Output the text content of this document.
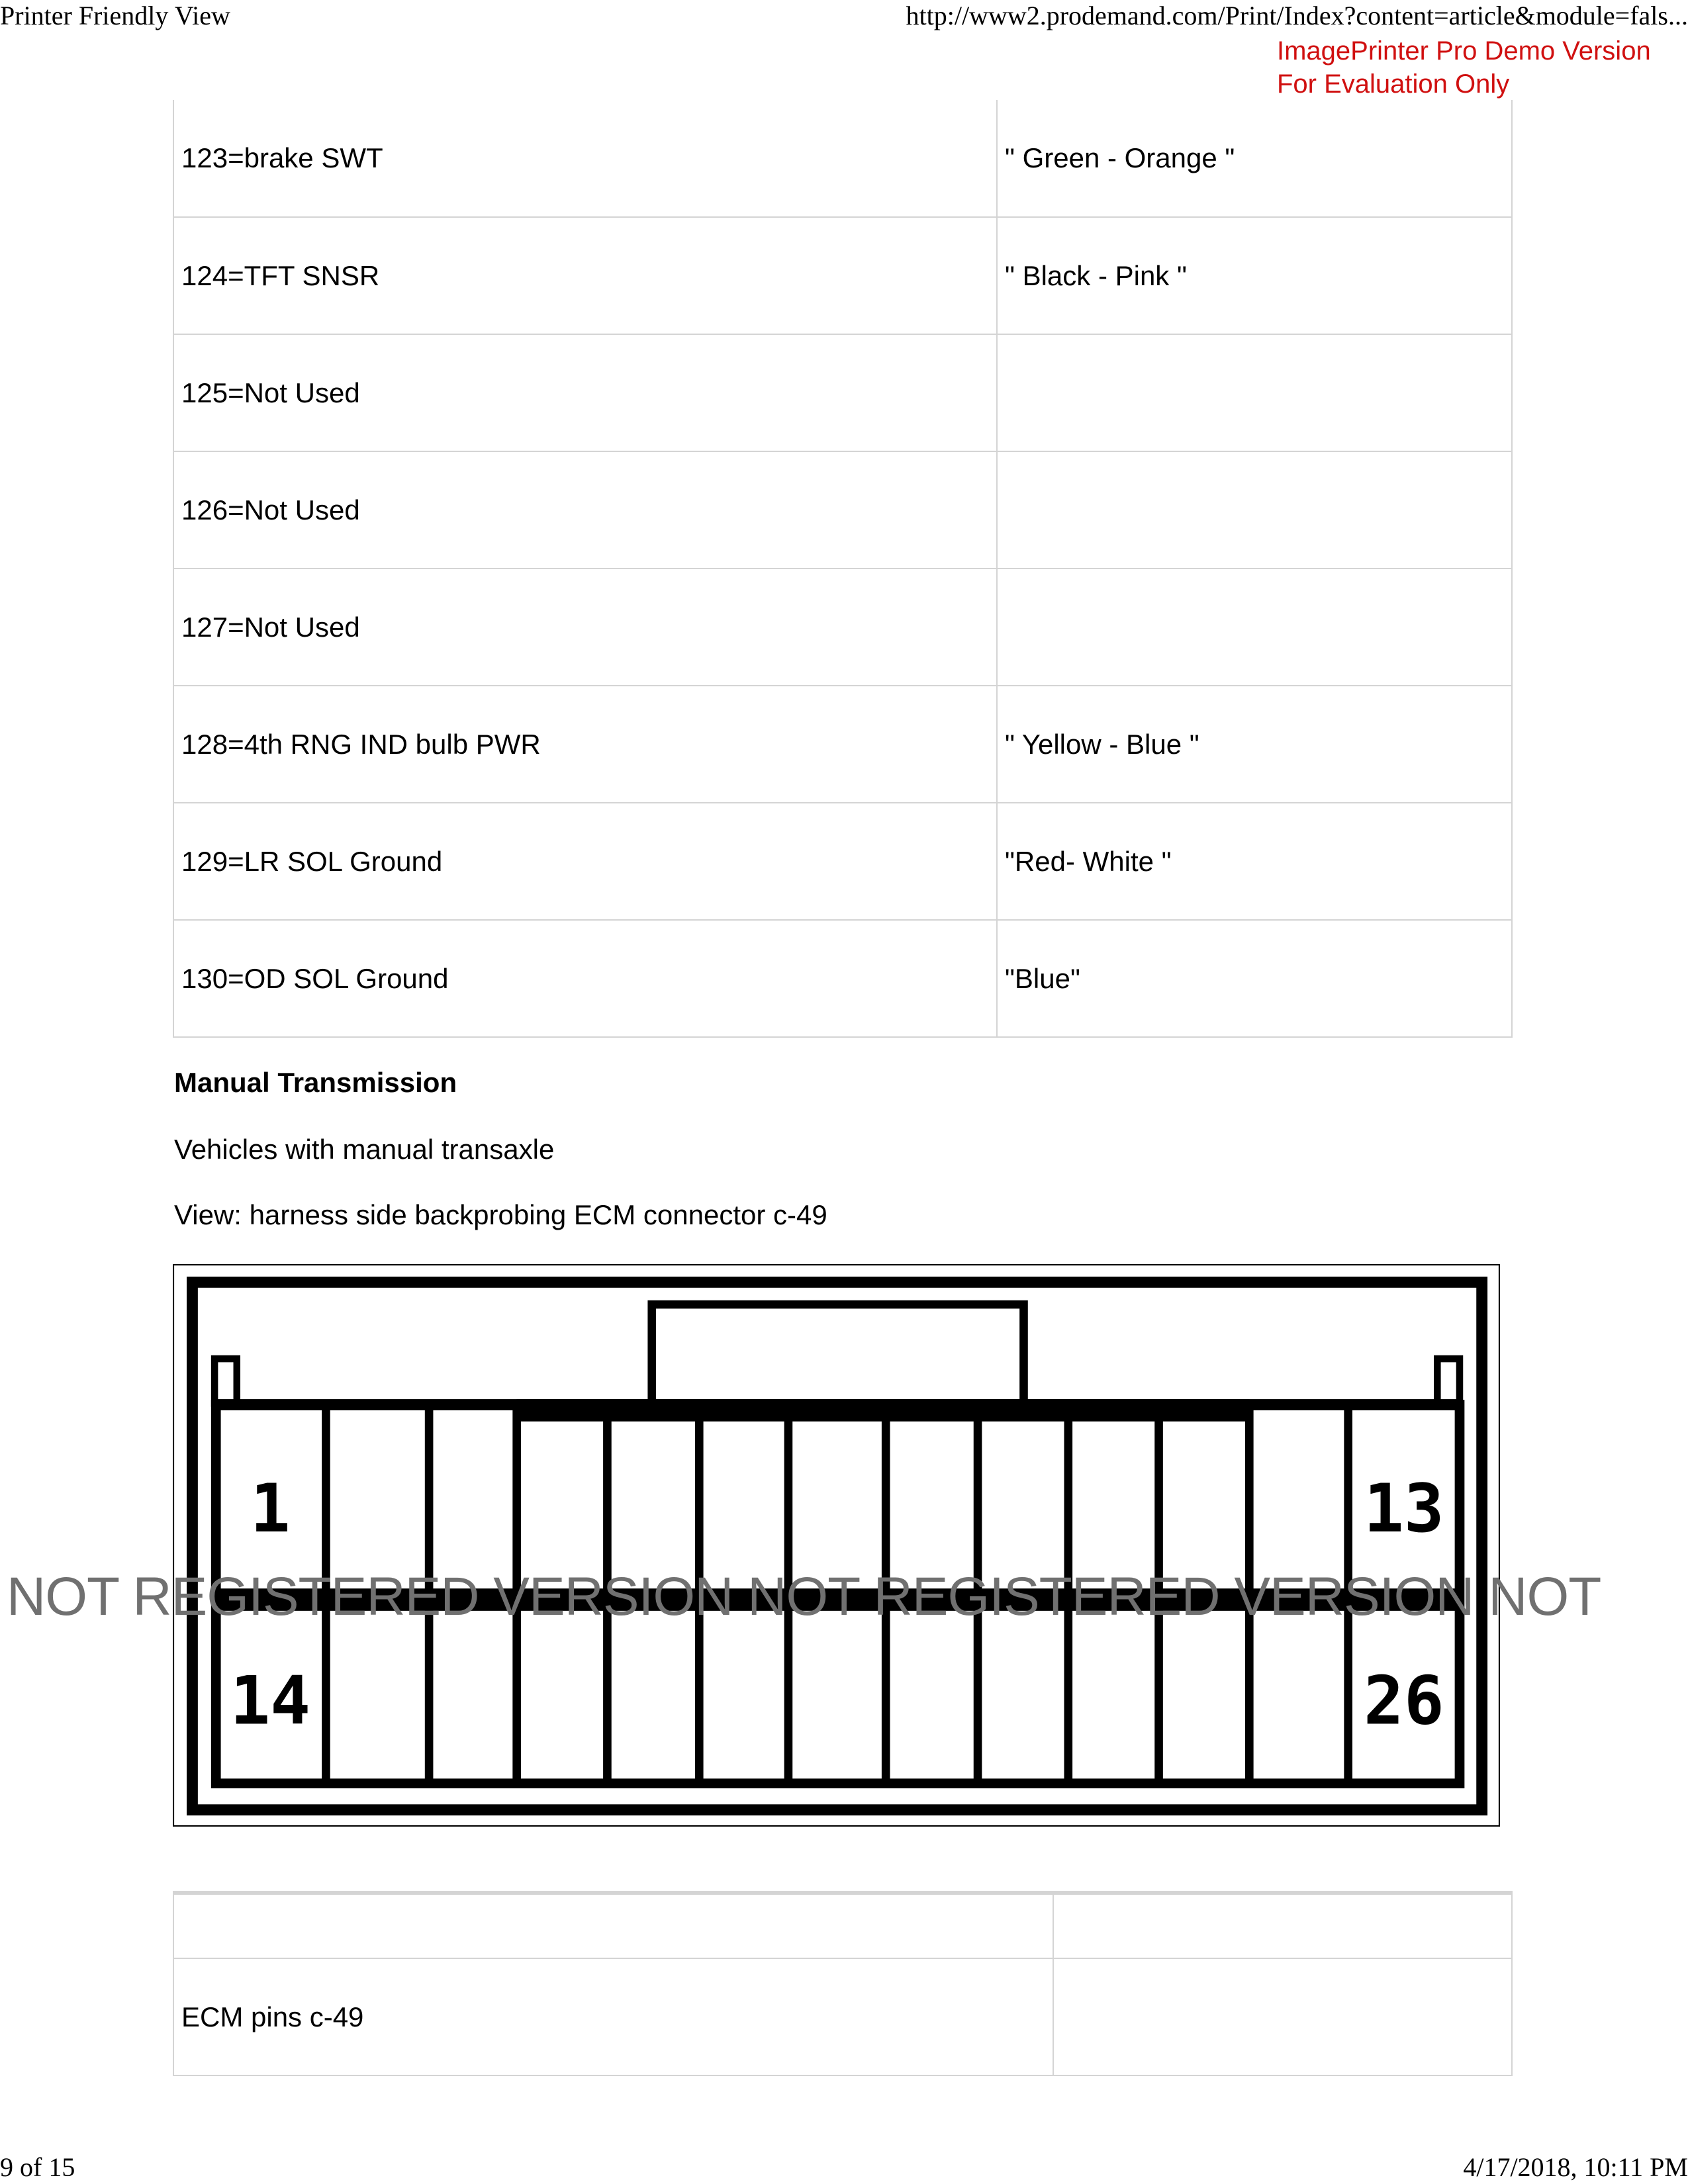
Printer Friendly View	http://www2.prodemand.com/Print/Index?content=article&module=fals...
ImagePrinter Pro Demo Version
For Evaluation Only
123=brake SWT	" Green - Orange "
124=TFT SNSR	" Black - Pink "
125=Not Used	
126=Not Used	
127=Not Used	
128=4th RNG IND bulb PWR	" Yellow - Blue "
129=LR SOL Ground	"Red- White "
130=OD SOL Ground	"Blue"
Manual Transmission
Vehicles with manual transaxle
View: harness side backprobing ECM connector c-49
1	13
14	26
NOT REGISTERED VERSION NOT REGISTERED VERSION NOT

ECM pins c-49	
9 of 15	4/17/2018, 10:11 PM
